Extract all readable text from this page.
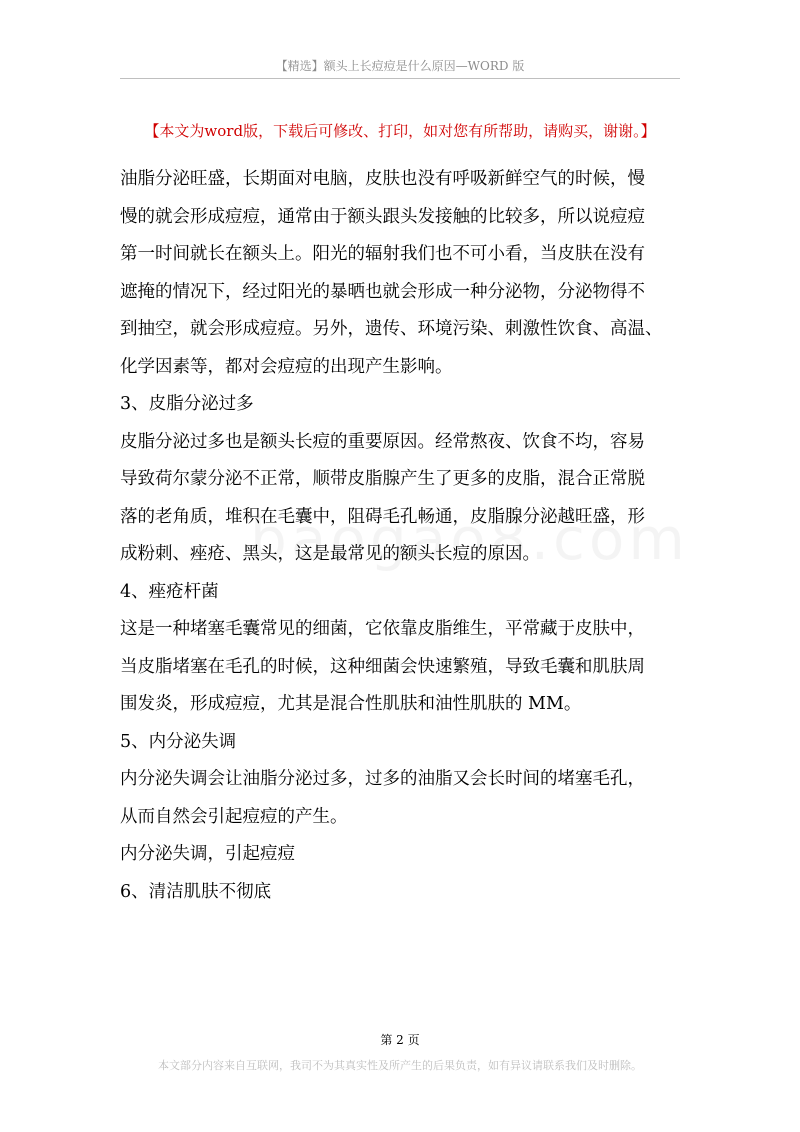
【精选】额头上长痘痘是什么原因—WORD 版
【本文为word版，下载后可修改、打印，如对您有所帮助，请购买，谢谢。】
油脂分泌旺盛，长期面对电脑，皮肤也没有呼吸新鲜空气的时候，慢
慢的就会形成痘痘，通常由于额头跟头发接触的比较多，所以说痘痘
第一时间就长在额头上。阳光的辐射我们也不可小看，当皮肤在没有
遮掩的情况下，经过阳光的暴晒也就会形成一种分泌物，分泌物得不
到抽空，就会形成痘痘。另外，遗传、环境污染、刺激性饮食、高温、
化学因素等，都对会痘痘的出现产生影响。
3、皮脂分泌过多
皮脂分泌过多也是额头长痘的重要原因。经常熬夜、饮食不均，容易
导致荷尔蒙分泌不正常，顺带皮脂腺产生了更多的皮脂，混合正常脱
落的老角质，堆积在毛囊中，阻碍毛孔畅通，皮脂腺分泌越旺盛，形
成粉刺、痤疮、黑头，这是最常见的额头长痘的原因。
4、痤疮杆菌
这是一种堵塞毛囊常见的细菌，它依靠皮脂维生，平常藏于皮肤中，
当皮脂堵塞在毛孔的时候，这种细菌会快速繁殖，导致毛囊和肌肤周
围发炎，形成痘痘，尤其是混合性肌肤和油性肌肤的 MM。
5、内分泌失调
内分泌失调会让油脂分泌过多，过多的油脂又会长时间的堵塞毛孔，
从而自然会引起痘痘的产生。
内分泌失调，引起痘痘
6、清洁肌肤不彻底
第 2 页
本文部分内容来自互联网，我司不为其真实性及所产生的后果负责，如有异议请联系我们及时删除。
